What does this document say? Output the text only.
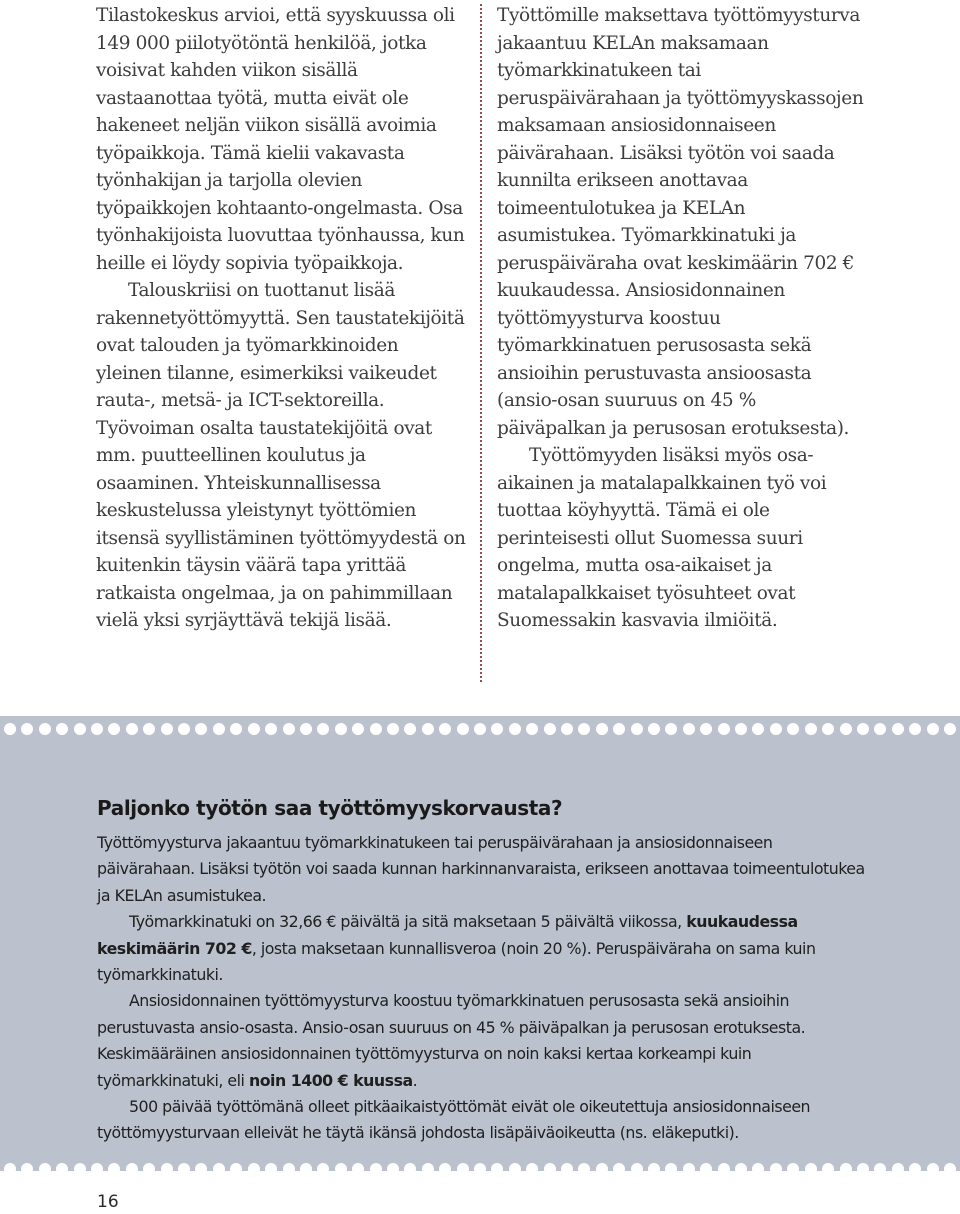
Tilastokeskus arvioi, että syyskuussa oli 149 000 piilotyötöntä henkilöä, jotka voisivat kahden viikon sisällä vastaanottaa työtä, mutta eivät ole hakeneet neljän viikon sisällä avoimia työpaikkoja. Tämä kielii vakavasta työnhakijan ja tarjolla olevien työpaikkojen kohtaanto-ongelmasta. Osa työnhakijoista luovuttaa työnhaussa, kun heille ei löydy sopivia työpaikkoja.

Talouskriisi on tuottanut lisää rakennetyöttömyyttä. Sen taustatekijöitä ovat talouden ja työmarkkinoiden yleinen tilanne, esimerkiksi vaikeudet rauta-, metsä- ja ICT-sektoreilla. Työvoiman osalta taustatekijöitä ovat mm. puutteellinen koulutus ja osaaminen. Yhteiskunnallisessa keskustelussa yleistynyt työttömien itsensä syyllistäminen työttömyydestä on kuitenkin täysin väärä tapa yrittää ratkaista ongelmaa, ja on pahimmillaan vielä yksi syrjäyttävä tekijä lisää.

Työttömille maksettava työttömyysturva jakaantuu KELAn maksamaan työmarkkinatukeen tai peruspäivärahaan ja työttömyyskassojen maksamaan ansiosidonnaiseen päivärahaan. Lisäksi työtön voi saada kunnilta erikseen anottavaa toimeentulotukea ja KELAn asumistukea. Työmarkkinatuki ja peruspäiväraha ovat keskimäärin 702 € kuukaudessa. Ansiosidonnainen työttömyysturva koostuu työmarkkinatuen perusosasta sekä ansioihin perustuvasta ansioosasta (ansio-osan suuruus on 45 % päiväpalkan ja perusosan erotuksesta).

Työttömyyden lisäksi myös osa-aikainen ja matalapalkkainen työ voi tuottaa köyhyyttä. Tämä ei ole perinteisesti ollut Suomessa suuri ongelma, mutta osa-aikaiset ja matalapalkkaiset työsuhteet ovat Suomessakin kasvavia ilmiöitä.

Paljonko työtön saa työttömyyskorvausta?

Työttömyysturva jakaantuu työmarkkinatukeen tai peruspäivärahaan ja ansiosidonnaiseen päivärahaan. Lisäksi työtön voi saada kunnan harkinnanvaraista, erikseen anottavaa toimeentulotukea ja KELAn asumistukea.

Työmarkkinatuki on 32,66 € päivältä ja sitä maksetaan 5 päivältä viikossa, kuukaudessa keskimäärin 702 €, josta maksetaan kunnallisveroa (noin 20 %). Peruspäiväraha on sama kuin työmarkkinatuki.

Ansiosidonnainen työttömyysturva koostuu työmarkkinatuen perusosasta sekä ansioihin perustuvasta ansio-osasta. Ansio-osan suuruus on 45 % päiväpalkan ja perusosan erotuksesta. Keskimääräinen ansiosidonnainen työttömyysturva on noin kaksi kertaa korkeampi kuin työmarkkinatuki, eli noin 1400 € kuussa.

500 päivää työttömänä olleet pitkäaikaistyöttömät eivät ole oikeutettuja ansiosidonnaiseen työttömyysturvaan elleivät he täytä ikänsä johdosta lisäpäiväoikeutta (ns. eläkeputki).

16
